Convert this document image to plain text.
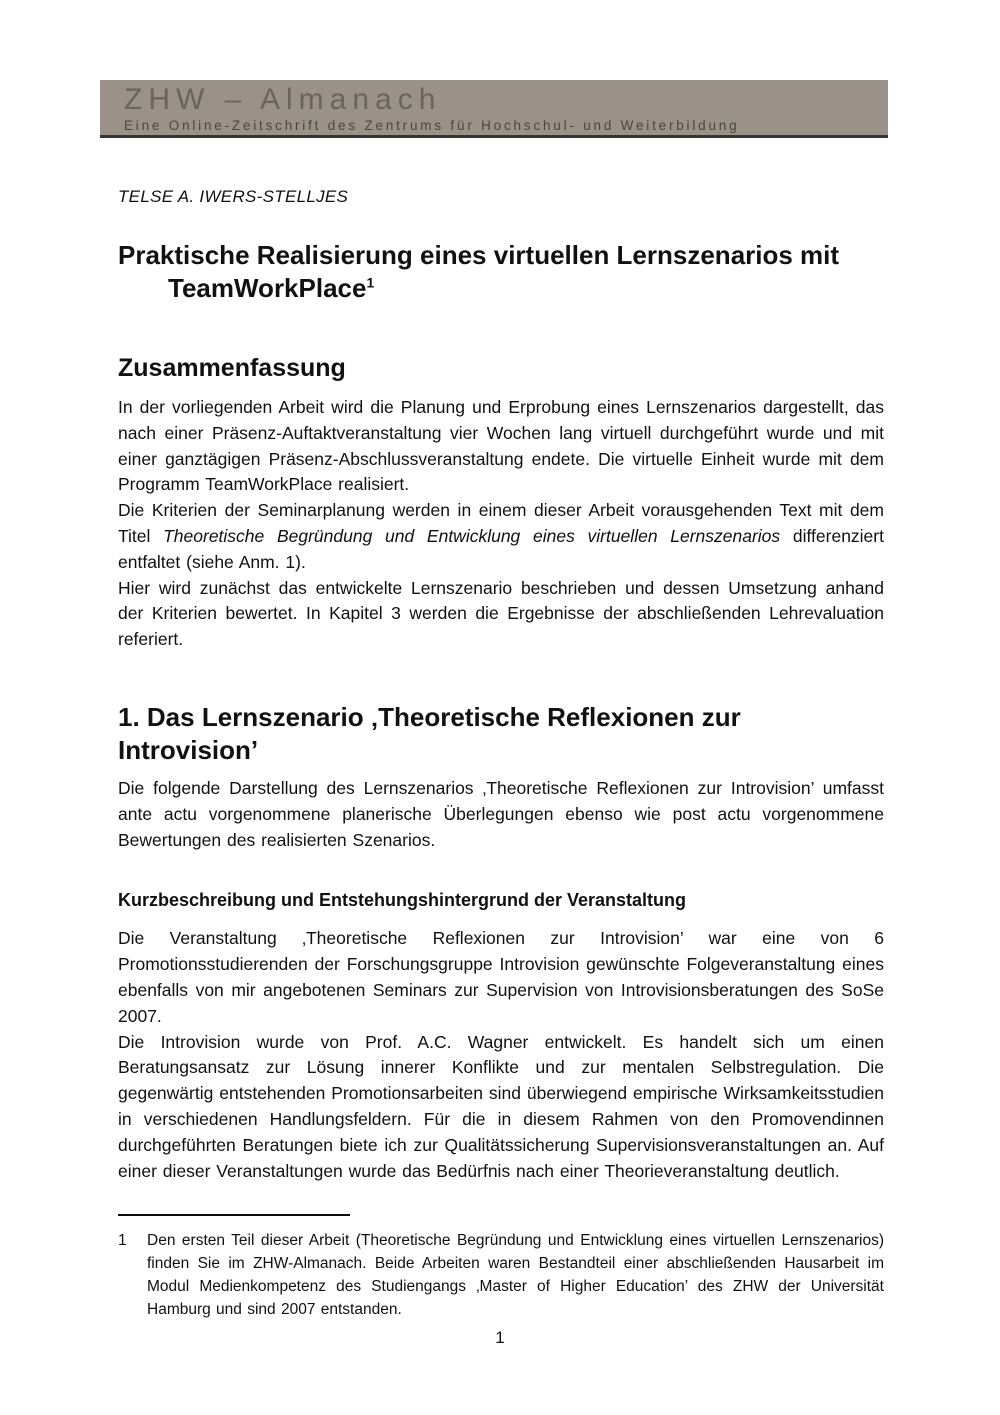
ZHW – Almanach
Eine Online-Zeitschrift des Zentrums für Hochschul- und Weiterbildung
TELSE A. IWERS-STELLJES
Praktische Realisierung eines virtuellen Lernszenarios mit
TeamWorkPlace$^1$
Zusammenfassung

In der vorliegenden Arbeit wird die Planung und Erprobung eines Lernszenarios dargestellt, das nach einer Präsenz-Auftaktveranstaltung vier Wochen lang virtuell durchgeführt wurde und mit einer ganztägigen Präsenz-Abschlussveranstaltung endete. Die virtuelle Einheit wurde mit dem Programm TeamWorkPlace realisiert.

Die Kriterien der Seminarplanung werden in einem dieser Arbeit vorausgehenden Text mit dem Titel Theoretische Begründung und Entwicklung eines virtuellen Lernszenarios differenziert entfaltet (siehe Anm. 1).

Hier wird zunächst das entwickelte Lernszenario beschrieben und dessen Umsetzung anhand der Kriterien bewertet. In Kapitel 3 werden die Ergebnisse der abschließenden Lehrevaluation referiert.

1. Das Lernszenario ‚Theoretische Reflexionen zur Introvision’

Die folgende Darstellung des Lernszenarios ‚Theoretische Reflexionen zur Introvision’ umfasst ante actu vorgenommene planerische Überlegungen ebenso wie post actu vorgenommene Bewertungen des realisierten Szenarios.

Kurzbeschreibung und Entstehungshintergrund der Veranstaltung

Die Veranstaltung ‚Theoretische Reflexionen zur Introvision’ war eine von 6 Promotionsstudierenden der Forschungsgruppe Introvision gewünschte Folgeveranstaltung eines ebenfalls von mir angebotenen Seminars zur Supervision von Introvisionsberatungen des SoSe 2007.

Die Introvision wurde von Prof. A.C. Wagner entwickelt. Es handelt sich um einen Beratungsansatz zur Lösung innerer Konflikte und zur mentalen Selbstregulation. Die gegenwärtig entstehenden Promotionsarbeiten sind überwiegend empirische Wirksamkeitsstudien in verschiedenen Handlungsfeldern. Für die in diesem Rahmen von den Promovendinnen durchgeführten Beratungen biete ich zur Qualitätssicherung Supervisionsveranstaltungen an. Auf einer dieser Veranstaltungen wurde das Bedürfnis nach einer Theorieveranstaltung deutlich.

1	Den ersten Teil dieser Arbeit (Theoretische Begründung und Entwicklung eines virtuellen Lernszenarios) finden Sie im ZHW-Almanach. Beide Arbeiten waren Bestandteil einer abschließenden Hausarbeit im Modul Medienkompetenz des Studiengangs ‚Master of Higher Education’ des ZHW der Universität Hamburg und sind 2007 entstanden.
1
